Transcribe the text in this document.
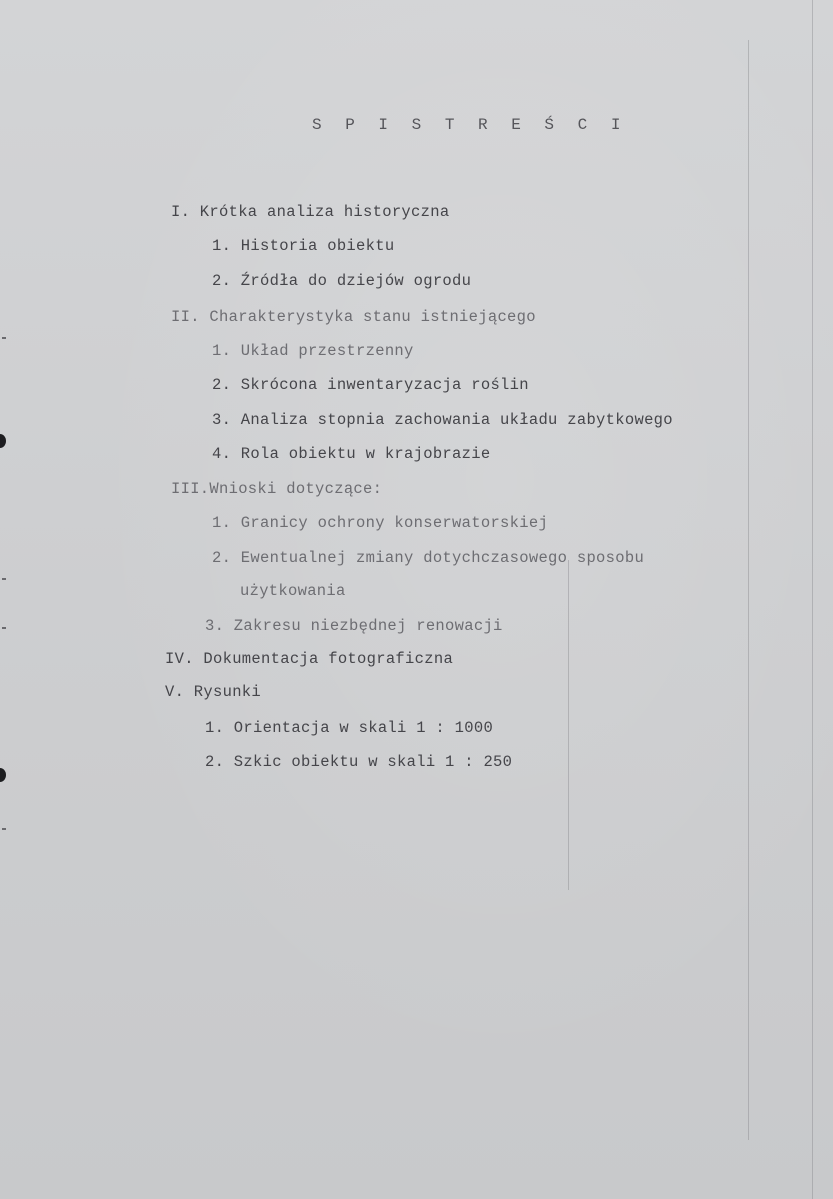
S P I S T R E Ś C I
I. Krótka analiza historyczna
1. Historia obiektu
2. Źródła do dziejów ogrodu
II. Charakterystyka stanu istniejącego
1. Układ przestrzenny
2. Skrócona inwentaryzacja roślin
3. Analiza stopnia zachowania układu zabytkowego
4. Rola obiektu w krajobrazie
III.Wnioski dotyczące:
1. Granicy ochrony konserwatorskiej
2. Ewentualnej zmiany dotychczasowego sposobu
użytkowania
3. Zakresu niezbędnej renowacji
IV. Dokumentacja fotograficzna
V. Rysunki
1. Orientacja w skali 1 : 1000
2. Szkic obiektu w skali 1 : 250
